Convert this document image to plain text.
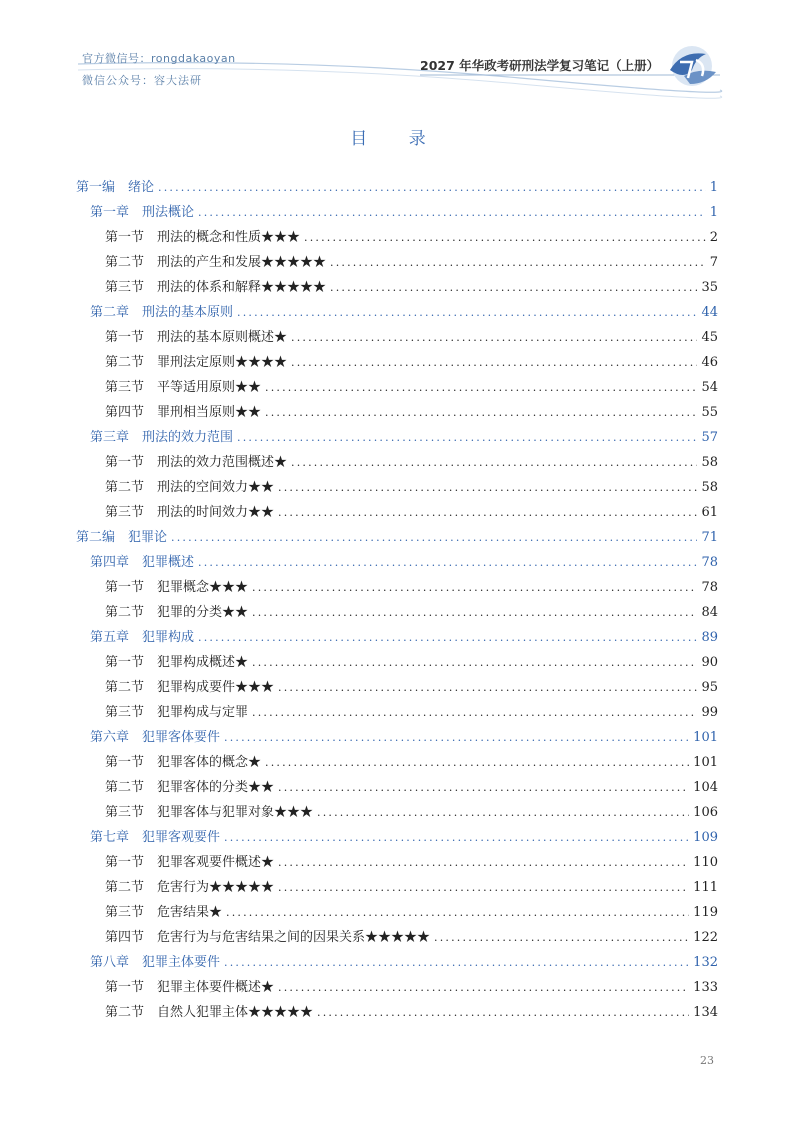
官方微信号：rongdakaoyan
微信公众号：容大法研
2027 年华政考研刑法学复习笔记（上册）
目 录
第一编　绪论 .....	1
第一章　刑法概论 .....	1
第一节　刑法的概念和性质★★★ .....	2
第二节　刑法的产生和发展★★★★★ .....	7
第三节　刑法的体系和解释★★★★★ .....	35
第二章　刑法的基本原则 .....	44
第一节　刑法的基本原则概述★ .....	45
第二节　罪刑法定原则★★★★ .....	46
第三节　平等适用原则★★ .....	54
第四节　罪刑相当原则★★ .....	55
第三章　刑法的效力范围 .....	57
第一节　刑法的效力范围概述★ .....	58
第二节　刑法的空间效力★★ .....	58
第三节　刑法的时间效力★★ .....	61
第二编　犯罪论 .....	71
第四章　犯罪概述 .....	78
第一节　犯罪概念★★★ .....	78
第二节　犯罪的分类★★ .....	84
第五章　犯罪构成 .....	89
第一节　犯罪构成概述★ .....	90
第二节　犯罪构成要件★★★ .....	95
第三节　犯罪构成与定罪 .....	99
第六章　犯罪客体要件 .....	101
第一节　犯罪客体的概念★ .....	101
第二节　犯罪客体的分类★★ .....	104
第三节　犯罪客体与犯罪对象★★★ .....	106
第七章　犯罪客观要件 .....	109
第一节　犯罪客观要件概述★ .....	110
第二节　危害行为★★★★★ .....	111
第三节　危害结果★ .....	119
第四节　危害行为与危害结果之间的因果关系★★★★★ .....	122
第八章　犯罪主体要件 .....	132
第一节　犯罪主体要件概述★ .....	133
第二节　自然人犯罪主体★★★★★ .....	134
23
